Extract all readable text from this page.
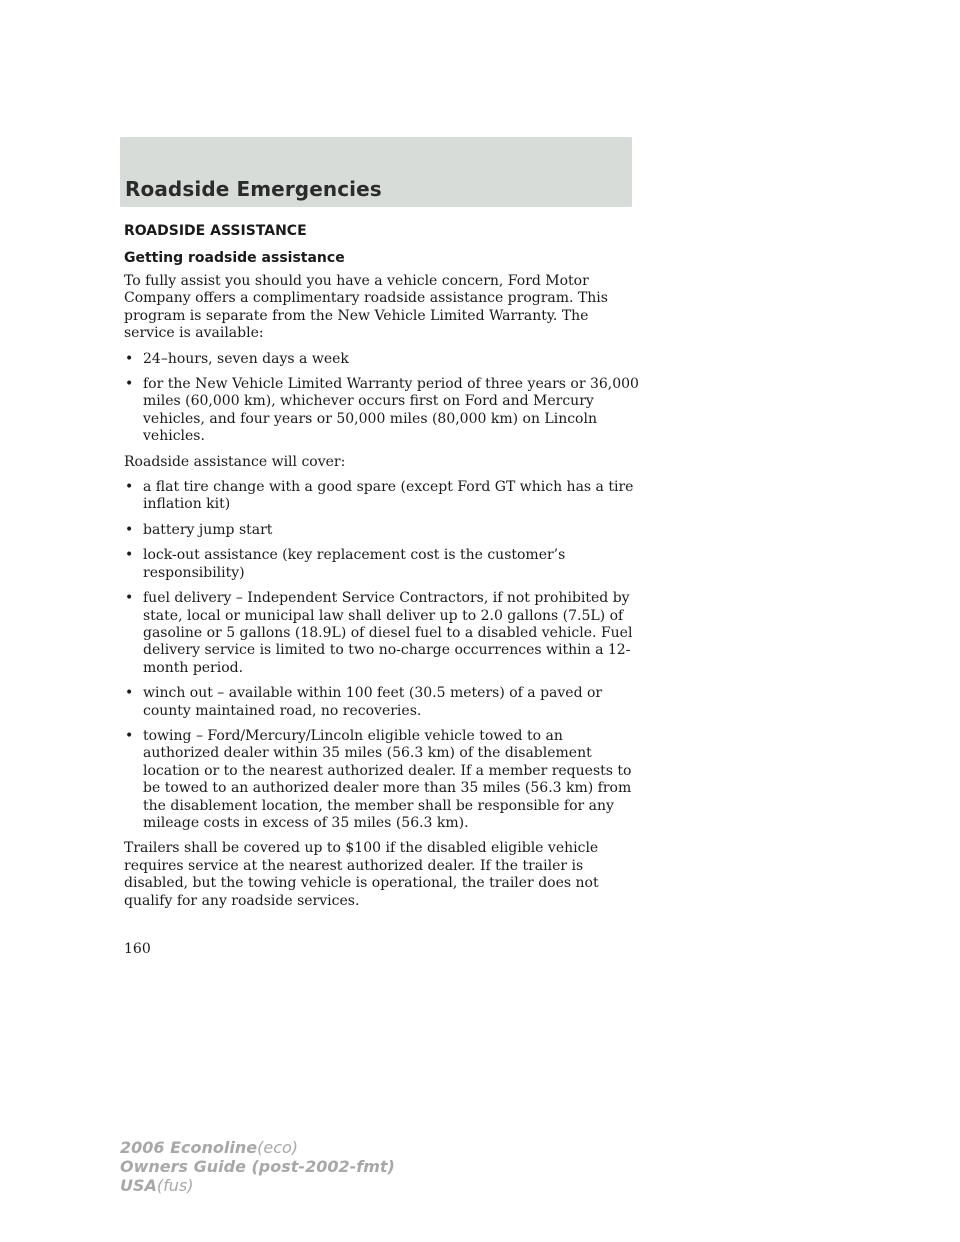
Roadside Emergencies
ROADSIDE ASSISTANCE
Getting roadside assistance

To fully assist you should you have a vehicle concern, Ford Motor Company offers a complimentary roadside assistance program. This program is separate from the New Vehicle Limited Warranty. The service is available:

• 24–hours, seven days a week
• for the New Vehicle Limited Warranty period of three years or 36,000 miles (60,000 km), whichever occurs first on Ford and Mercury vehicles, and four years or 50,000 miles (80,000 km) on Lincoln vehicles.

Roadside assistance will cover:

• a flat tire change with a good spare (except Ford GT which has a tire inflation kit)
• battery jump start
• lock-out assistance (key replacement cost is the customer’s responsibility)
• fuel delivery – Independent Service Contractors, if not prohibited by state, local or municipal law shall deliver up to 2.0 gallons (7.5L) of gasoline or 5 gallons (18.9L) of diesel fuel to a disabled vehicle. Fuel delivery service is limited to two no-charge occurrences within a 12-month period.
• winch out – available within 100 feet (30.5 meters) of a paved or county maintained road, no recoveries.
• towing – Ford/Mercury/Lincoln eligible vehicle towed to an authorized dealer within 35 miles (56.3 km) of the disablement location or to the nearest authorized dealer. If a member requests to be towed to an authorized dealer more than 35 miles (56.3 km) from the disablement location, the member shall be responsible for any mileage costs in excess of 35 miles (56.3 km).

Trailers shall be covered up to $100 if the disabled eligible vehicle requires service at the nearest authorized dealer. If the trailer is disabled, but the towing vehicle is operational, the trailer does not qualify for any roadside services.

160
2006 Econoline(eco)
Owners Guide (post-2002-fmt)
USA(fus)
